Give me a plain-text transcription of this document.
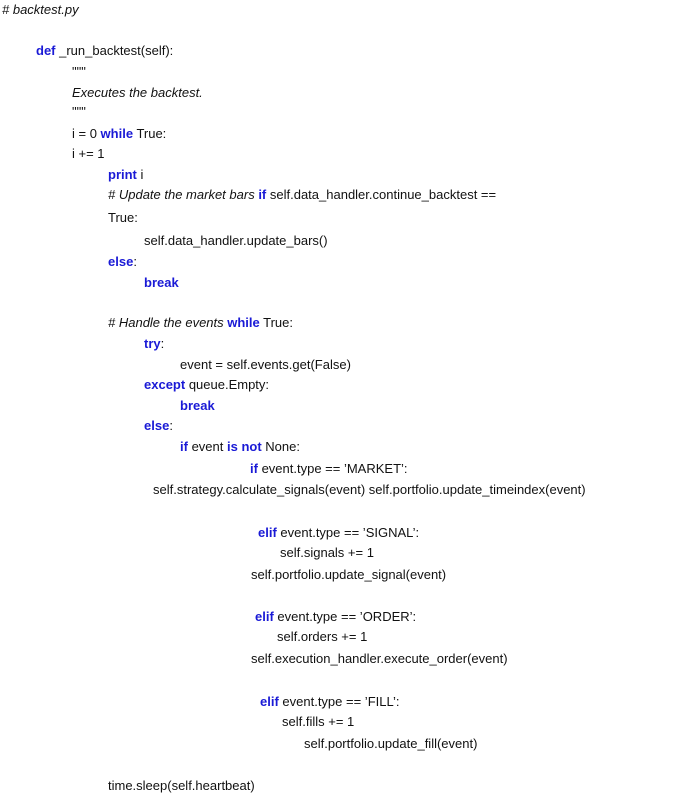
# backtest.py
def _run_backtest(self):
"""
Executes the backtest.
"""
i = 0 while True:
i += 1
print i
# Update the market bars if self.data_handler.continue_backtest ==
True:
self.data_handler.update_bars()
else:
break
# Handle the events while True:
try:
event = self.events.get(False)
except queue.Empty:
break
else:
if event is not None:
if event.type == ’MARKET’:
self.strategy.calculate_signals(event) self.portfolio.update_timeindex(event)
elif event.type == ’SIGNAL’:
self.signals += 1
self.portfolio.update_signal(event)
elif event.type == ’ORDER’:
self.orders += 1
self.execution_handler.execute_order(event)
elif event.type == ’FILL’:
self.fills += 1
self.portfolio.update_fill(event)
time.sleep(self.heartbeat)
